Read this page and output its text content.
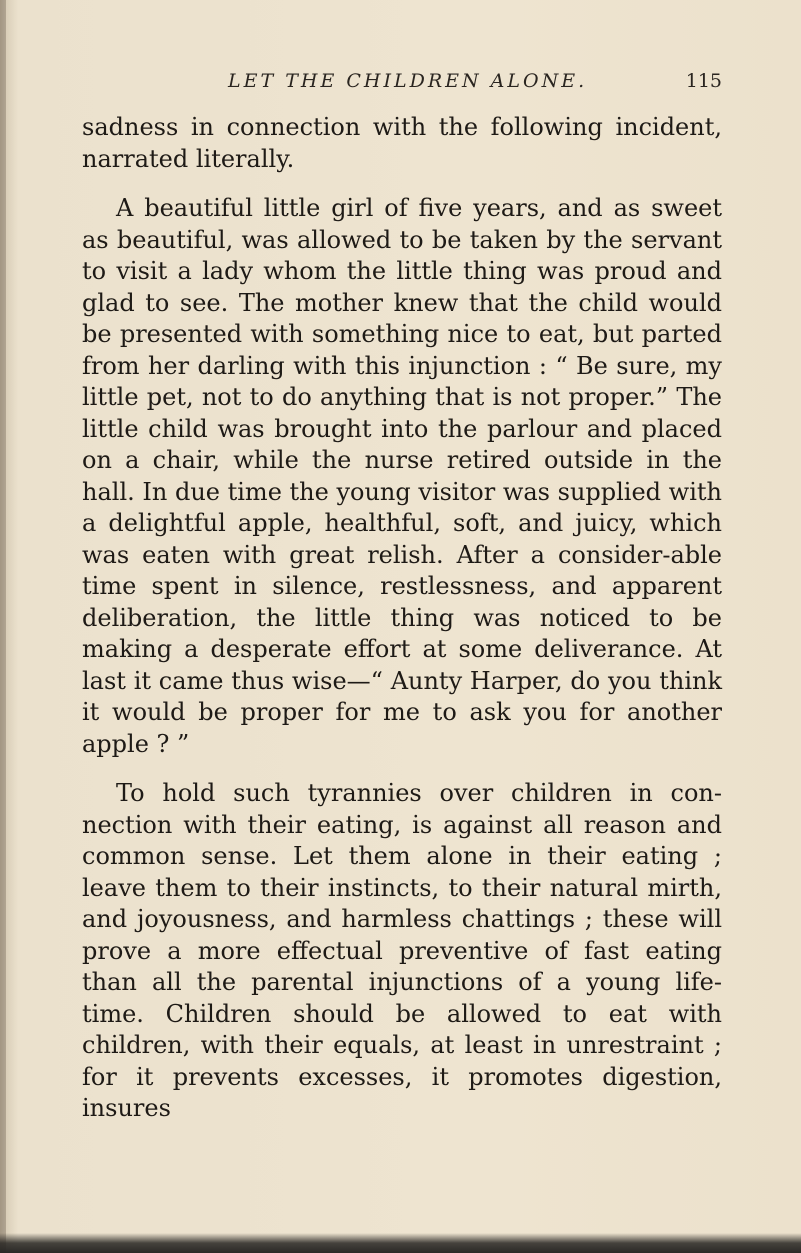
LET THE CHILDREN ALONE.	115

sadness in connection with the following incident, narrated literally.

A beautiful little girl of five years, and as sweet as beautiful, was allowed to be taken by the servant to visit a lady whom the little thing was proud and glad to see. The mother knew that the child would be presented with something nice to eat, but parted from her darling with this injunction : “ Be sure, my little pet, not to do anything that is not proper.” The little child was brought into the parlour and placed on a chair, while the nurse retired outside in the hall. In due time the young visitor was supplied with a delightful apple, healthful, soft, and juicy, which was eaten with great relish. After a consider-able time spent in silence, restlessness, and apparent deliberation, the little thing was noticed to be making a desperate effort at some deliverance. At last it came thus wise—“ Aunty Harper, do you think it would be proper for me to ask you for another apple ? ”

To hold such tyrannies over children in con-nection with their eating, is against all reason and common sense. Let them alone in their eating ; leave them to their instincts, to their natural mirth, and joyousness, and harmless chattings ; these will prove a more effectual preventive of fast eating than all the parental injunctions of a young life-time. Children should be allowed to eat with children, with their equals, at least in unrestraint ; for it prevents excesses, it promotes digestion, insures
